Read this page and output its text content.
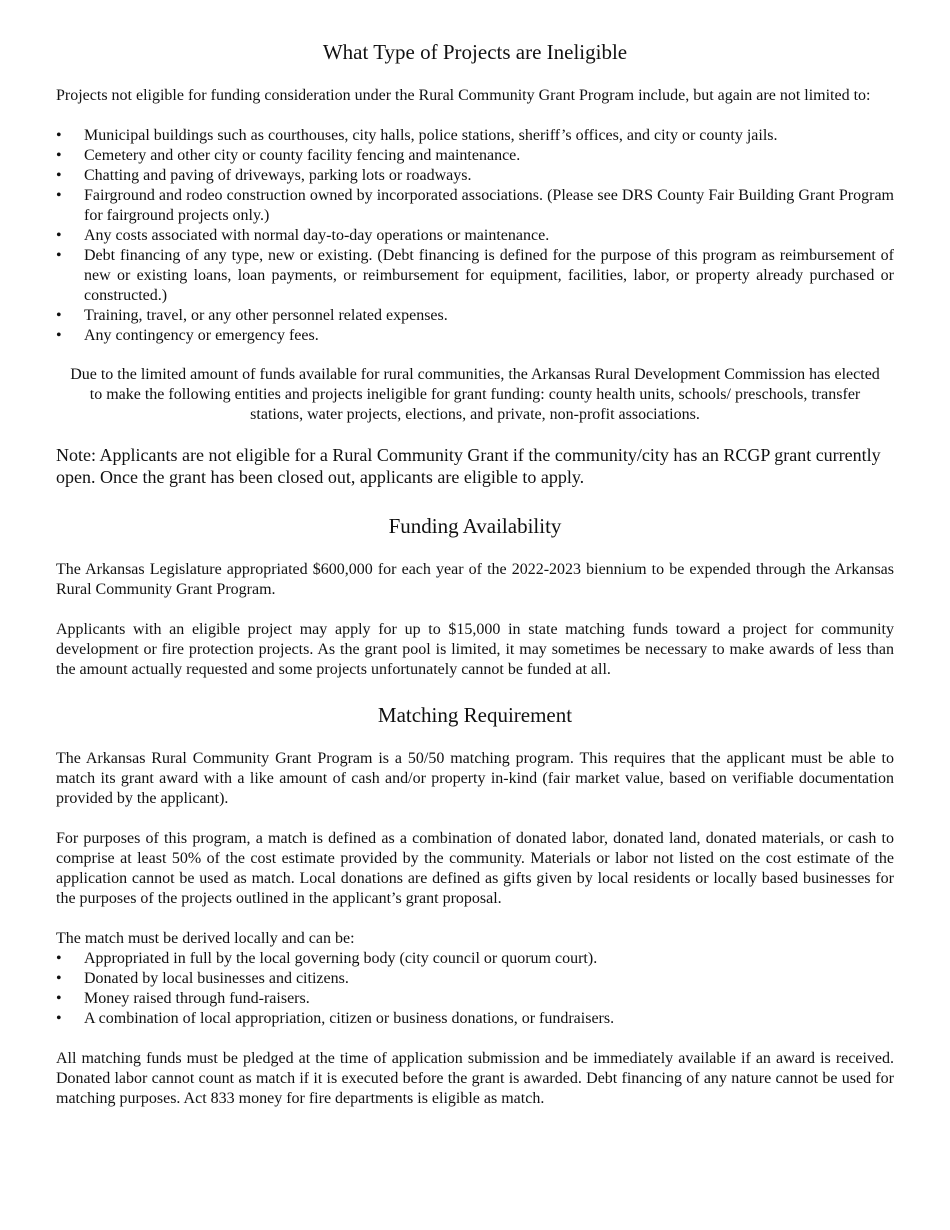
What Type of Projects are Ineligible

Projects not eligible for funding consideration under the Rural Community Grant Program include, but again are not limited to:

•	Municipal buildings such as courthouses, city halls, police stations, sheriff’s offices, and city or county jails.
•	Cemetery and other city or county facility fencing and maintenance.
•	Chatting and paving of driveways, parking lots or roadways.
•	Fairground and rodeo construction owned by incorporated associations. (Please see DRS County Fair Building Grant Program for fairground projects only.)
•	Any costs associated with normal day-to-day operations or maintenance.
•	Debt financing of any type, new or existing. (Debt financing is defined for the purpose of this program as reimbursement of new or existing loans, loan payments, or reimbursement for equipment, facilities, labor, or property already purchased or constructed.)
•	Training, travel, or any other personnel related expenses.
•	Any contingency or emergency fees.

Due to the limited amount of funds available for rural communities, the Arkansas Rural Development Commission has elected to make the following entities and projects ineligible for grant funding: county health units, schools/ preschools, transfer stations, water projects, elections, and private, non-profit associations.

Note: Applicants are not eligible for a Rural Community Grant if the community/city has an RCGP grant currently open. Once the grant has been closed out, applicants are eligible to apply.

Funding Availability

The Arkansas Legislature appropriated $600,000 for each year of the 2022-2023 biennium to be expended through the Arkansas Rural Community Grant Program.

Applicants with an eligible project may apply for up to $15,000 in state matching funds toward a project for community development or fire protection projects. As the grant pool is limited, it may sometimes be necessary to make awards of less than the amount actually requested and some projects unfortunately cannot be funded at all.

Matching Requirement

The Arkansas Rural Community Grant Program is a 50/50 matching program. This requires that the applicant must be able to match its grant award with a like amount of cash and/or property in-kind (fair market value, based on verifiable documentation provided by the applicant).

For purposes of this program, a match is defined as a combination of donated labor, donated land, donated materials, or cash to comprise at least 50% of the cost estimate provided by the community. Materials or labor not listed on the cost estimate of the application cannot be used as match. Local donations are defined as gifts given by local residents or locally based businesses for the purposes of the projects outlined in the applicant’s grant proposal.

The match must be derived locally and can be:

•	Appropriated in full by the local governing body (city council or quorum court).
•	Donated by local businesses and citizens.
•	Money raised through fund-raisers.
•	A combination of local appropriation, citizen or business donations, or fundraisers.

All matching funds must be pledged at the time of application submission and be immediately available if an award is received. Donated labor cannot count as match if it is executed before the grant is awarded. Debt financing of any nature cannot be used for matching purposes. Act 833 money for fire departments is eligible as match.
